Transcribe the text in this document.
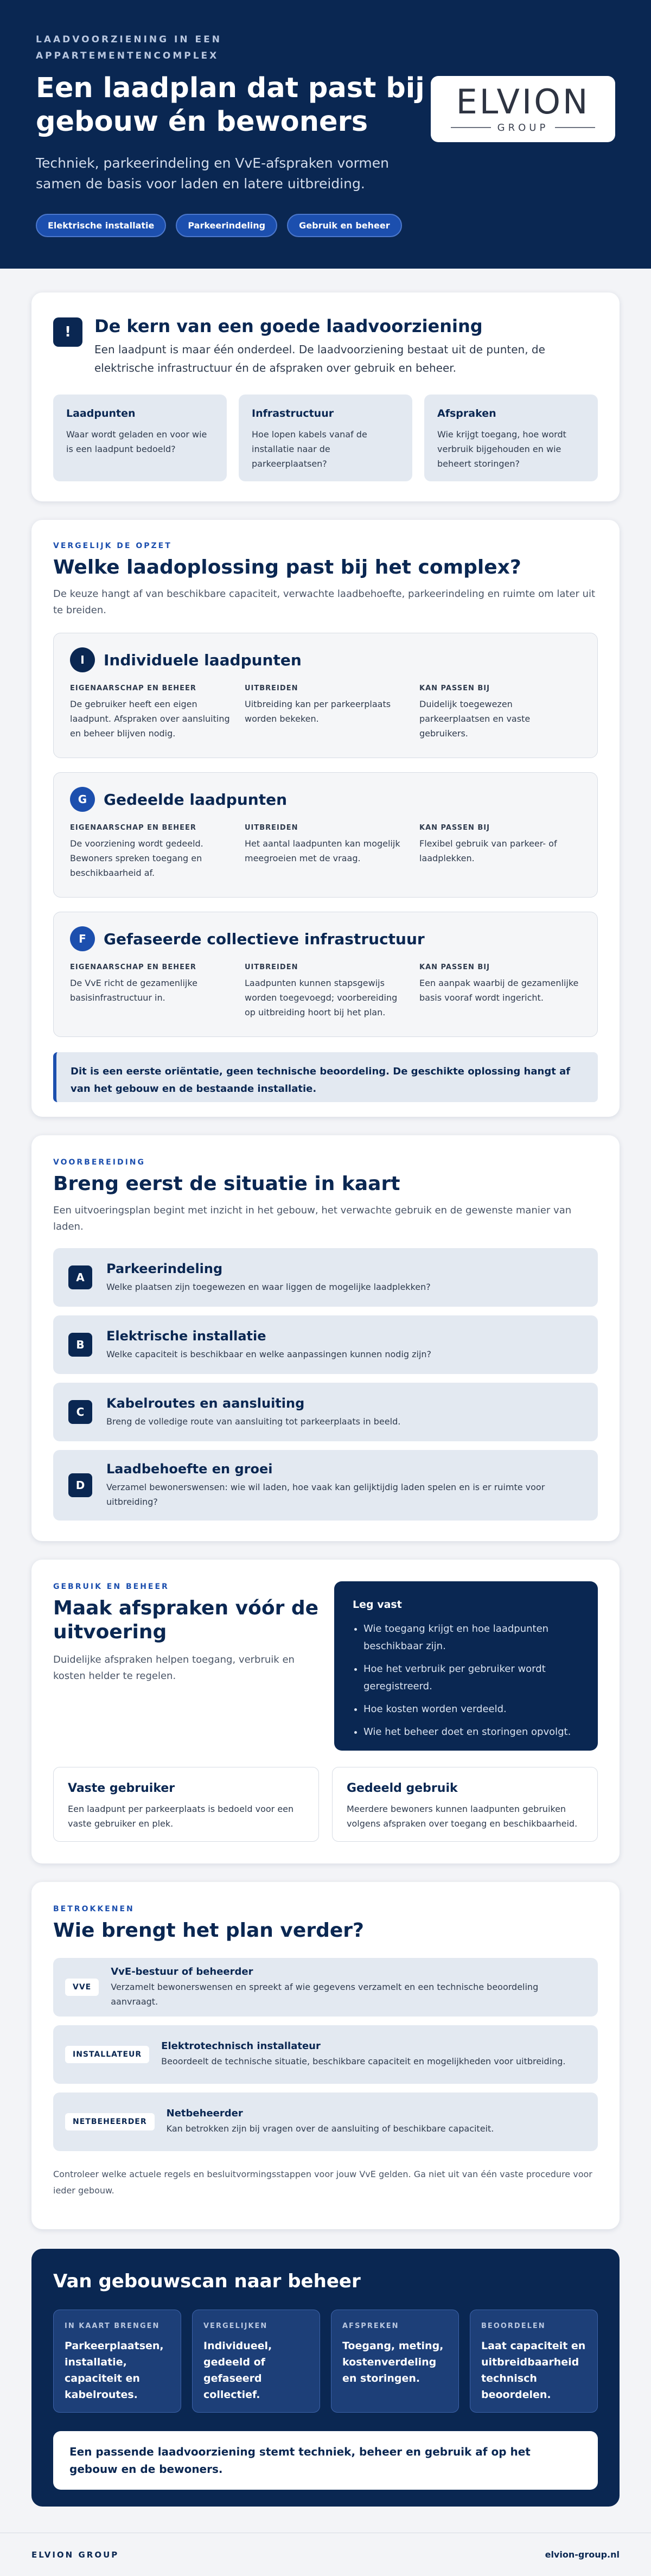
LAADVOORZIENING IN EEN APPARTEMENTENCOMPLEX
Een laadplan dat past bij gebouw én bewoners

Techniek, parkeerindeling en VvE-afspraken vormen samen de basis voor laden en latere uitbreiding.

Elektrische installatie	Parkeerindeling	Gebruik en beheer
ELVION
GROUP
!	De kern van een goede laadvoorziening

Een laadpunt is maar één onderdeel. De laadvoorziening bestaat uit de punten, de elektrische infrastructuur én de afspraken over gebruik en beheer.

Laadpunten
Waar wordt geladen en voor wie is een laadpunt bedoeld?
Infrastructuur
Hoe lopen kabels vanaf de installatie naar de parkeerplaatsen?
Afspraken
Wie krijgt toegang, hoe wordt verbruik bijgehouden en wie beheert storingen?
VERGELIJK DE OPZET
Welke laadoplossing past bij het complex?

De keuze hangt af van beschikbare capaciteit, verwachte laadbehoefte, parkeerindeling en ruimte om later uit te breiden.

I	Individuele laadpunten
EIGENAARSCHAP EN BEHEER
De gebruiker heeft een eigen laadpunt. Afspraken over aansluiting en beheer blijven nodig.
UITBREIDEN
Uitbreiding kan per parkeerplaats worden bekeken.
KAN PASSEN BIJ
Duidelijk toegewezen parkeerplaatsen en vaste gebruikers.
G	Gedeelde laadpunten
EIGENAARSCHAP EN BEHEER
De voorziening wordt gedeeld. Bewoners spreken toegang en beschikbaarheid af.
UITBREIDEN
Het aantal laadpunten kan mogelijk meegroeien met de vraag.
KAN PASSEN BIJ
Flexibel gebruik van parkeer- of laadplekken.
F	Gefaseerde collectieve infrastructuur
EIGENAARSCHAP EN BEHEER
De VvE richt de gezamenlijke basisinfrastructuur in.
UITBREIDEN
Laadpunten kunnen stapsgewijs worden toegevoegd; voorbereiding op uitbreiding hoort bij het plan.
KAN PASSEN BIJ
Een aanpak waarbij de gezamenlijke basis vooraf wordt ingericht.
Dit is een eerste oriëntatie, geen technische beoordeling. De geschikte oplossing hangt af van het gebouw en de bestaande installatie.
VOORBEREIDING
Breng eerst de situatie in kaart

Een uitvoeringsplan begint met inzicht in het gebouw, het verwachte gebruik en de gewenste manier van laden.

A
Parkeerindeling
Welke plaatsen zijn toegewezen en waar liggen de mogelijke laadplekken?
B
Elektrische installatie
Welke capaciteit is beschikbaar en welke aanpassingen kunnen nodig zijn?
C
Kabelroutes en aansluiting
Breng de volledige route van aansluiting tot parkeerplaats in beeld.
D
Laadbehoefte en groei
Verzamel bewonerswensen: wie wil laden, hoe vaak kan gelijktijdig laden spelen en is er ruimte voor uitbreiding?
GEBRUIK EN BEHEER
Maak afspraken vóór de uitvoering

Duidelijke afspraken helpen toegang, verbruik en kosten helder te regelen.

Leg vast
• Wie toegang krijgt en hoe laadpunten beschikbaar zijn.
• Hoe het verbruik per gebruiker wordt geregistreerd.
• Hoe kosten worden verdeeld.
• Wie het beheer doet en storingen opvolgt.
Vaste gebruiker
Een laadpunt per parkeerplaats is bedoeld voor een vaste gebruiker en plek.
Gedeeld gebruik
Meerdere bewoners kunnen laadpunten gebruiken volgens afspraken over toegang en beschikbaarheid.
BETROKKENEN
Wie brengt het plan verder?
VVE
VvE-bestuur of beheerder
Verzamelt bewonerswensen en spreekt af wie gegevens verzamelt en een technische beoordeling aanvraagt.
INSTALLATEUR
Elektrotechnisch installateur
Beoordeelt de technische situatie, beschikbare capaciteit en mogelijkheden voor uitbreiding.
NETBEHEERDER
Netbeheerder
Kan betrokken zijn bij vragen over de aansluiting of beschikbare capaciteit.

Controleer welke actuele regels en besluitvormingsstappen voor jouw VvE gelden. Ga niet uit van één vaste procedure voor ieder gebouw.

Van gebouwscan naar beheer
IN KAART BRENGEN
Parkeerplaatsen, installatie, capaciteit en kabelroutes.
VERGELIJKEN
Individueel, gedeeld of gefaseerd collectief.
AFSPREKEN
Toegang, meting, kostenverdeling en storingen.
BEOORDELEN
Laat capaciteit en uitbreidbaarheid technisch beoordelen.
Een passende laadvoorziening stemt techniek, beheer en gebruik af op het gebouw en de bewoners.
ELVION GROUP	elvion-group.nl
